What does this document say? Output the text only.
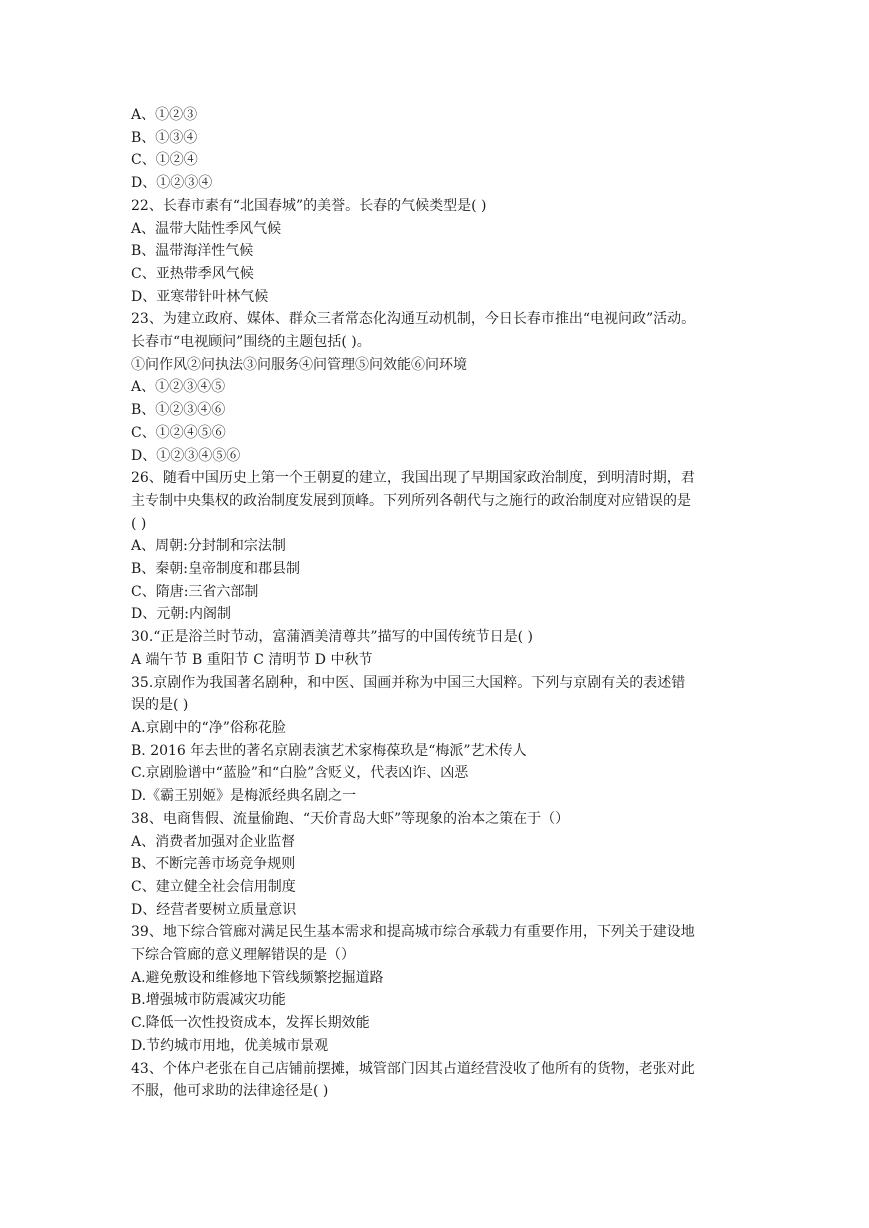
A、①②③
B、①③④
C、①②④
D、①②③④
22、长春市素有“北国春城”的美誉。长春的气候类型是( )
A、温带大陆性季风气候
B、温带海洋性气候
C、亚热带季风气候
D、亚寒带针叶林气候
23、为建立政府、媒体、群众三者常态化沟通互动机制，今日长春市推出“电视问政”活动。
长春市“电视顾问”围绕的主题包括( )。
①问作风②问执法③问服务④问管理⑤问效能⑥问环境
A、①②③④⑤
B、①②③④⑥
C、①②④⑤⑥
D、①②③④⑤⑥
26、随看中国历史上第一个王朝夏的建立，我国出现了早期国家政治制度，到明清时期，君
主专制中央集权的政治制度发展到顶峰。下列所列各朝代与之施行的政治制度对应错误的是
( )
A、周朝:分封制和宗法制
B、秦朝:皇帝制度和郡县制
C、隋唐:三省六部制
D、元朝:内阁制
30.“正是浴兰时节动，富蒲酒美清尊共”描写的中国传统节日是( )
A 端午节 B 重阳节 C 清明节 D 中秋节
35.京剧作为我国著名剧种，和中医、国画并称为中国三大国粹。下列与京剧有关的表述错
误的是( )
A.京剧中的“净”俗称花脸
B. 2016 年去世的著名京剧表演艺术家梅葆玖是“梅派”艺术传人
C.京剧脸谱中“蓝脸”和“白脸”含贬义，代表凶诈、凶恶
D.《霸王别姬》是梅派经典名剧之一
38、电商售假、流量偷跑、“天价青岛大虾”等现象的治本之策在于（）
A、消费者加强对企业监督
B、不断完善市场竞争规则
C、建立健全社会信用制度
D、经营者要树立质量意识
39、地下综合管廊对满足民生基本需求和提高城市综合承载力有重要作用，下列关于建设地
下综合管廊的意义理解错误的是（）
A.避免敷设和维修地下管线频繁挖掘道路
B.增强城市防震减灾功能
C.降低一次性投资成本，发挥长期效能
D.节约城市用地，优美城市景观
43、个体户老张在自己店铺前摆摊，城管部门因其占道经营没收了他所有的货物，老张对此
不服，他可求助的法律途径是( )
